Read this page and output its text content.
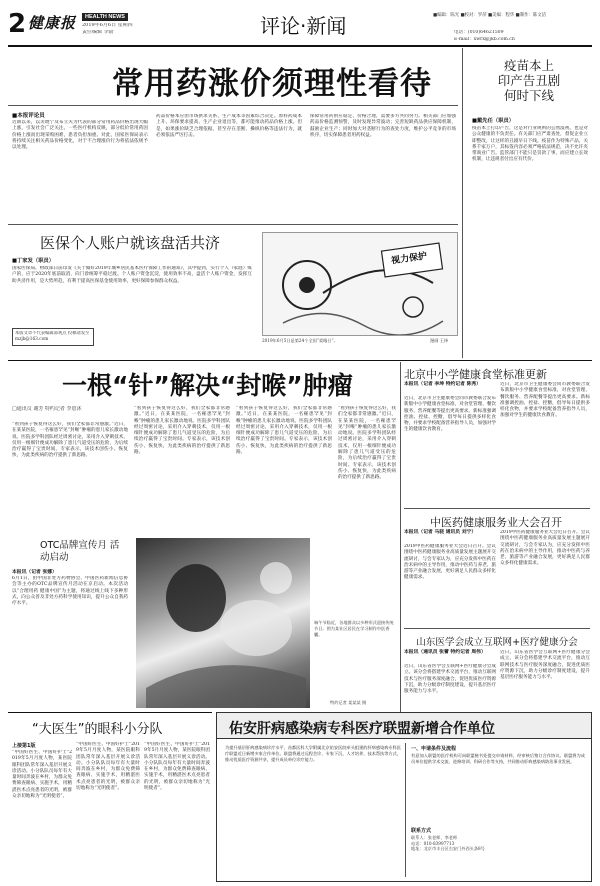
2 健康报	HEALTH NEWS
2019年6月6日 星期四
责任编辑 李蔚	评论·新闻	■编辑：陈光 ■校对：罗萍 ■美编：程华 ■制作：陈文洁
电话：(010)64621509
E-mail：xwrx@jkb.com.cn
常用药涨价须理性看待
■本报评论员
近期以来，以炎琥宁及布立夫为代表的部分常用药品价格出现大幅上涨，引发社会广泛关注。一些医疗机构反映，部分低价常用药因价格上涨而出现采购困难，患者负担加重。对此，国家医保局表示将持续关注相关药品价格变化，对于不合理涨价行为将依法依规予以处理。
药品价格本应由市场供求关系、生产成本等因素综合决定。原料药成本上升、环保要求提高、生产企业退出等，都可能推动药品价格上涨。但是，如果涨价缺乏合理依据，甚至存在垄断、操纵价格等违法行为，就必须依法严厉打击。
保障常用药供应稳定、价格合理，需要多方共同努力。相关部门应加强药品价格监测预警，及时发现异常波动；完善短缺药品供应保障机制，鼓励企业生产；同时加大对垄断行为的查处力度，维护公平竞争的市场秩序，切实保障患者用药权益。
疫苗本上
印产告丑剧
何时下线
■戴先任（职员）
疫苗本上打印产告，这是对行业规则的公然漠视，也是对公众健康的不负责任。有关部门应严肃查处，督促企业立即整改，让这样的丑剧早日下线。疫苗作为特殊产品，关系千家万户，其标签内容必须严格依法规范，决不允许夹带商业广告。监管部门不能只是罚款了事，而应建立长效机制，让违规者付出应有代价。
医保个人账户就该盘活共济
■丁家发（职员）
国家医保局、财政部日前印发《关于做好2019年城乡居民基本医疗保障工作的通知》，其中提到，实行个人（家庭）账户的，应于2020年底前取消，向门诊统筹平稳过渡。个人账户资金沉淀，使用效率不高，盘活个人账户资金，发挥互助共济作用，是大势所趋，有利于提高医保基金使用效率，更好保障参保群众权益。
本版文章不代表编辑部观点 投稿请发至 mzjb@163.com
视力保护
2019年6月5日是第24个全国“爱眼日”。	漫画 王铎
一根“针”解决“封喉”肿瘤
□通讯员 谢芳 特约记者 李恩沐
“看到孩子恢复得这么好，我们全家都非常感激。”近日，在某某医院，一名罹患罕见“封喉”肿瘤的患儿家长激动地说。医院多学科团队经过周密讨论，采用介入穿刺技术，仅用一根细针便成功解除了患儿气道受压的危险，为后续治疗赢得了宝贵时间。专家表示，该技术创伤小、恢复快，为此类疾病的治疗提供了新思路。
“看到孩子恢复得这么好，我们全家都非常感激。”近日，在某某医院，一名罹患罕见“封喉”肿瘤的患儿家长激动地说。医院多学科团队经过周密讨论，采用介入穿刺技术，仅用一根细针便成功解除了患儿气道受压的危险，为后续治疗赢得了宝贵时间。专家表示，该技术创伤小、恢复快，为此类疾病的治疗提供了新思路。
“看到孩子恢复得这么好，我们全家都非常感激。”近日，在某某医院，一名罹患罕见“封喉”肿瘤的患儿家长激动地说。医院多学科团队经过周密讨论，采用介入穿刺技术，仅用一根细针便成功解除了患儿气道受压的危险，为后续治疗赢得了宝贵时间。专家表示，该技术创伤小、恢复快，为此类疾病的治疗提供了新思路。
“看到孩子恢复得这么好，我们全家都非常感激。”近日，在某某医院，一名罹患罕见“封喉”肿瘤的患儿家长激动地说。医院多学科团队经过周密讨论，采用介入穿刺技术，仅用一根细针便成功解除了患儿气道受压的危险，为后续治疗赢得了宝贵时间。专家表示，该技术创伤小、恢复快，为此类疾病的治疗提供了新思路。
OTC品牌宣传月 活动启动
本报讯（记者 张娜）
6月1日，由中国非处方药物协会、中国医药新闻信息协会等主办的OTC品牌宣传月活动在京启动。本次活动以“合理用药 健康中国”为主题，将通过线上线下多种形式，向公众普及非处方药科学使用知识，提升公众自我药疗水平。
端午节临近，各地群众以多种形式迎接传统节日。图为某社区居民在学习制作中医香囊。
特约记者 某某某 摄
北京中小学健康食堂标准更新
本报讯（记者 李坤 特约记者 陈秀）
近日，北京市卫生健康委会同市教委联合发布新版中小学健康食堂标准，对食堂管理、餐饮服务、营养配餐等提出更高要求。新标准强调控油、控盐、控糖，倡导每日提供多样化食物，并要求学校配备营养指导人员，加强对学生的健康饮食教育。
近日，北京市卫生健康委会同市教委联合发布新版中小学健康食堂标准，对食堂管理、餐饮服务、营养配餐等提出更高要求。新标准强调控油、控盐、控糖，倡导每日提供多样化食物，并要求学校配备营养指导人员，加强对学生的健康饮食教育。
中医药健康服务业大会召开
本报讯（记者 马骁 通讯员 刘宁）
2019中医药健康服务业大会近日召开。会议围绕中医药健康服务业高质量发展主题展开交流研讨，与会专家认为，应充分发挥中医药在治未病中的主导作用，推动中医药与养老、旅游等产业融合发展，更好满足人民群众多样化健康需求。
2019中医药健康服务业大会近日召开。会议围绕中医药健康服务业高质量发展主题展开交流研讨，与会专家认为，应充分发挥中医药在治未病中的主导作用，推动中医药与养老、旅游等产业融合发展，更好满足人民群众多样化健康需求。
山东医学会成立互联网+医疗健康分会
本报讯（通讯员 张蕾 特约记者 周伟）
近日，山东省医学会互联网+医疗健康分会成立。该分会将搭建学术交流平台，推动互联网技术与医疗服务深度融合，促进优质医疗资源下沉，助力分级诊疗制度建设，提升基层医疗服务能力与水平。
近日，山东省医学会互联网+医疗健康分会成立。该分会将搭建学术交流平台，推动互联网技术与医疗服务深度融合，促进优质医疗资源下沉，助力分级诊疗制度建设，提升基层医疗服务能力与水平。
“大医生”的眼科小分队
上接第1版
“中国好医生、中国好护士”2019年5月月度人物，某医院眼科团队常年深入基层开展义诊活动。小分队队员每年有大量时间奔波在乡村，为群众免费筛查眼病、实施手术，用精湛医术点亮患者的光明，被群众亲切地称为“光明使者”。
“中国好医生、中国好护士”2019年5月月度人物，某医院眼科团队常年深入基层开展义诊活动。小分队队员每年有大量时间奔波在乡村，为群众免费筛查眼病、实施手术，用精湛医术点亮患者的光明，被群众亲切地称为“光明使者”。
“中国好医生、中国好护士”2019年5月月度人物，某医院眼科团队常年深入基层开展义诊活动。小分队队员每年有大量时间奔波在乡村，为群众免费筛查眼病、实施手术，用精湛医术点亮患者的光明，被群众亲切地称为“光明使者”。
佑安肝病感染病专科医疗联盟新增合作单位
为提升基层肝病感染病诊疗水平，首都医科大学附属北京佑安医院牵头组建的肝病感染病专科医疗联盟近日新增多家合作单位。联盟将通过远程会诊、专家下沉、人才培养、技术帮扶等方式，推动优质医疗资源共享，提升成员单位诊疗能力。
一、申请条件及流程
有意加入联盟的医疗机构可向联盟秘书处提交申请材料，经审核后签订合作协议。联盟将为成员单位提供学术交流、进修培训、科研合作等支持，共同推动肝病感染病防治事业发展。
联系方式
联系人：张老师、李老师
电话：010-83997713
地址：北京市丰台区右安门外西头条8号
